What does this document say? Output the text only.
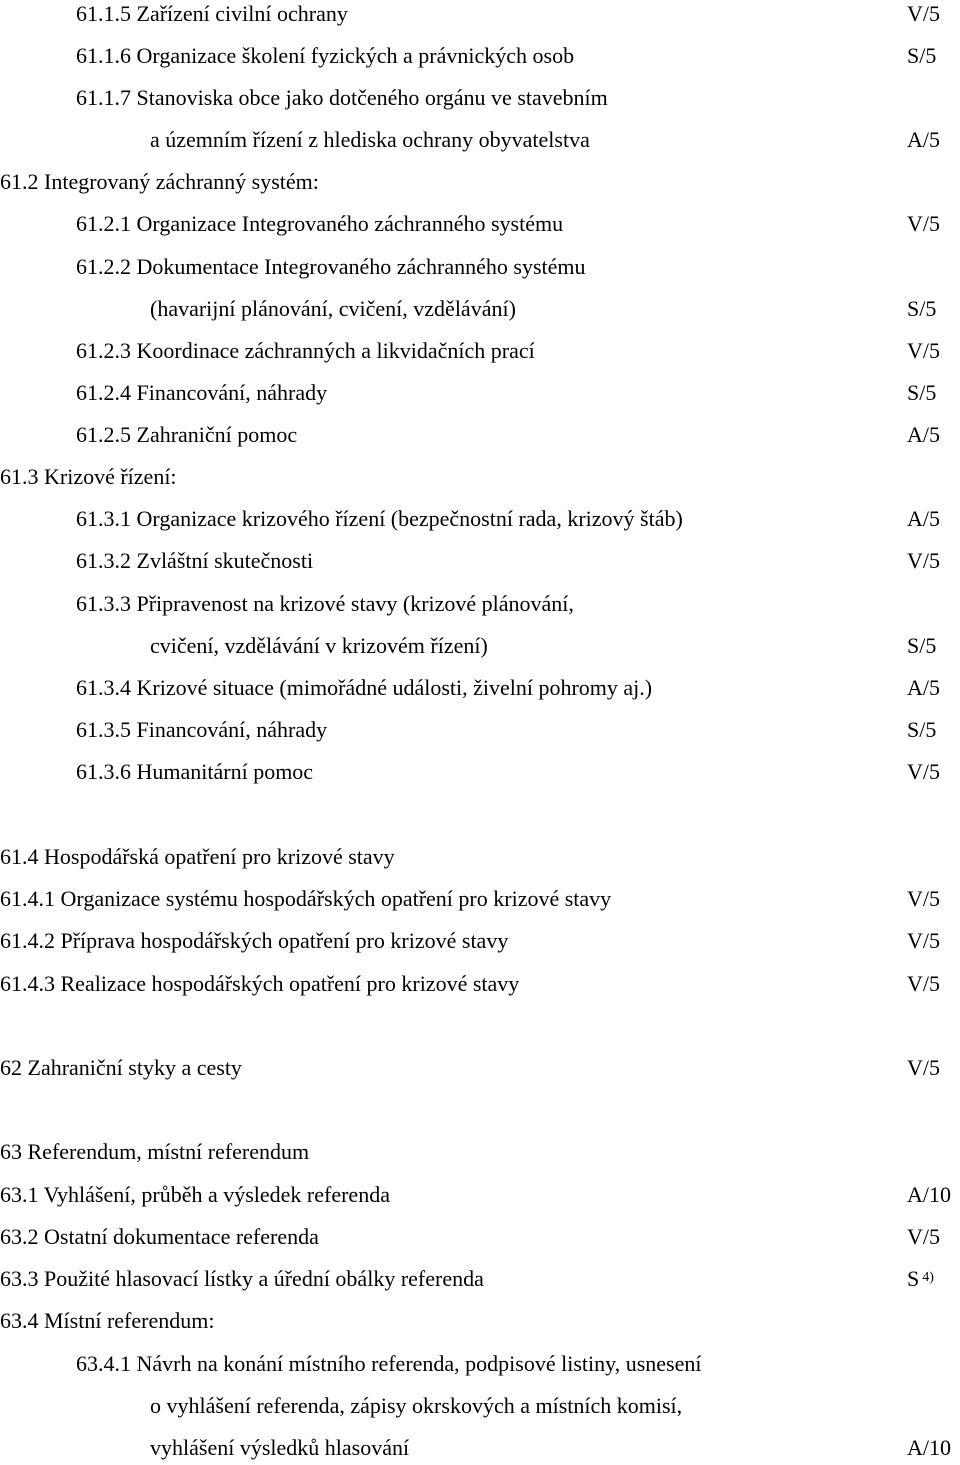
61.1.5 Zařízení civilní ochrany	V/5
61.1.6 Organizace školení fyzických a právnických osob	S/5
61.1.7 Stanoviska obce jako dotčeného orgánu ve stavebním
a územním řízení z hlediska ochrany obyvatelstva	A/5
61.2 Integrovaný záchranný systém:
61.2.1 Organizace Integrovaného záchranného systému	V/5
61.2.2 Dokumentace Integrovaného záchranného systému
(havarijní plánování, cvičení, vzdělávání)	S/5
61.2.3 Koordinace záchranných a likvidačních prací	V/5
61.2.4 Financování, náhrady	S/5
61.2.5 Zahraniční pomoc	A/5
61.3 Krizové řízení:
61.3.1 Organizace krizového řízení (bezpečnostní rada, krizový štáb)	A/5
61.3.2 Zvláštní skutečnosti	V/5
61.3.3 Připravenost na krizové stavy (krizové plánování,
cvičení, vzdělávání v krizovém řízení)	S/5
61.3.4 Krizové situace (mimořádné události, živelní pohromy aj.)	A/5
61.3.5 Financování, náhrady	S/5
61.3.6 Humanitární pomoc	V/5
61.4 Hospodářská opatření pro krizové stavy
61.4.1 Organizace systému hospodářských opatření pro krizové stavy	V/5
61.4.2 Příprava hospodářských opatření pro krizové stavy	V/5
61.4.3 Realizace hospodářských opatření pro krizové stavy	V/5
62 Zahraniční styky a cesty	V/5
63 Referendum, místní referendum
63.1 Vyhlášení, průběh a výsledek referenda	A/10
63.2 Ostatní dokumentace referenda	V/5
63.3 Použité hlasovací lístky a úřední obálky referenda	S $^{4)}$
63.4 Místní referendum:
63.4.1 Návrh na konání místního referenda, podpisové listiny, usnesení
o vyhlášení referenda, zápisy okrskových a místních komisí,
vyhlášení výsledků hlasování	A/10
